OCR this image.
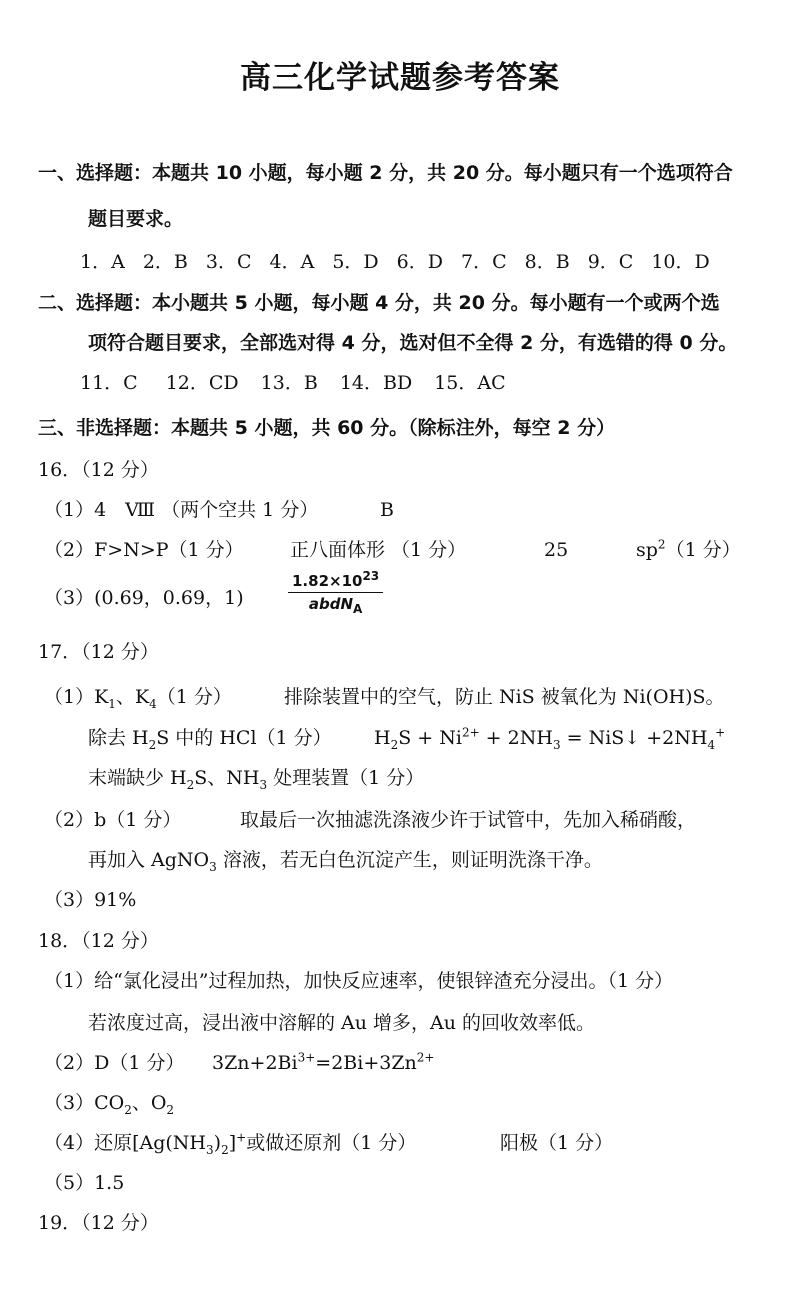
高三化学试题参考答案
一、选择题：本题共 10 小题，每小题 2 分，共 20 分。每小题只有一个选项符合
题目要求。
1．A 2．B 3．C 4．A 5．D 6．D 7．C 8．B 9．C 10．D
二、选择题：本小题共 5 小题，每小题 4 分，共 20 分。每小题有一个或两个选
项符合题目要求，全部选对得 4 分，选对但不全得 2 分，有选错的得 0 分。
11．C 12．CD 13．B 14．BD 15．AC
三、非选择题：本题共 5 小题，共 60 分。（除标注外，每空 2 分）
16．（12 分）
（1）4　Ⅷ （两个空共 1 分）	B
（2）F>N>P（1 分） 正八面体形 （1 分）	25	$sp^2(1$ 分）
（3）(0.69，0.69，1)
$1.82\times 10^{23}$
abdN$_A$
17．（12 分）
$(1)K_1$、$K_4(1$ 分）	排除装置中的空气，防止 NiS 被氧化为 Ni(OH)S。
除去 $H_2S$ 中的 HCl（1 分） $H_2S + Ni^{2+} + 2NH_3$ = NiS↓ $+2NH_4^+$
末端缺少 $H_2S$、$NH_3$ 处理装置（1 分）
（2）b（1 分）	取最后一次抽滤洗涤液少许于试管中，先加入稀硝酸，
再加入 AgNO$_3$ 溶液，若无白色沉淀产生，则证明洗涤干净。
（3）91%
18．（12 分）
（1）给“氯化浸出”过程加热，加快反应速率，使银锌渣充分浸出。（1 分）
若浓度过高，浸出液中溶解的 Au 增多，Au 的回收效率低。
（2）D（1 分） $3Zn+2Bi^{3+}=2Bi+3Zn^{2+}$
$(3)CO_2$、$O_2$
（4）还原$[Ag(NH_3)_2]^+$或做还原剂（1 分）	阳极（1 分）
（5）1.5
19．（12 分）
